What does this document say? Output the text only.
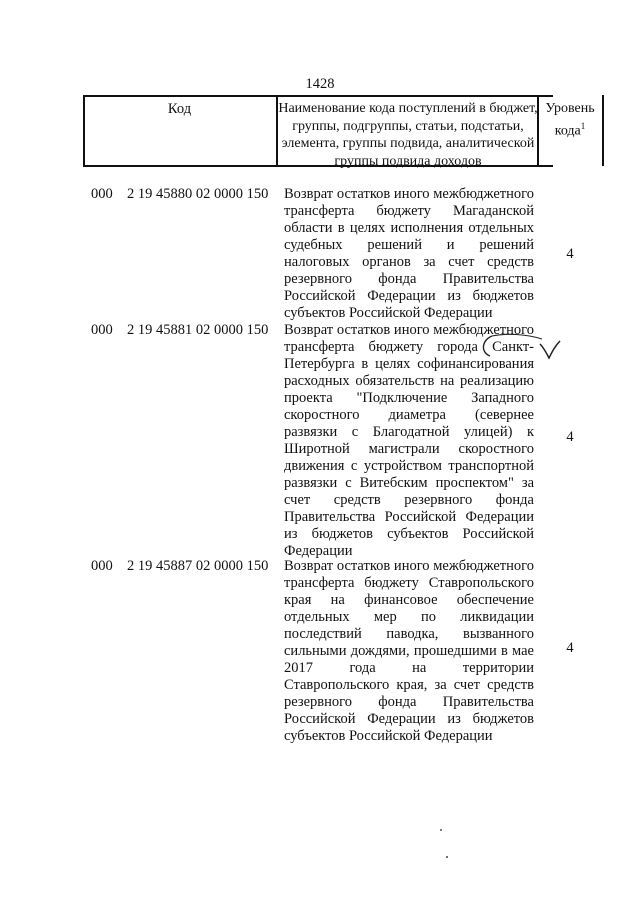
1428
Код	Наименование кода поступлений в бюджет, группы, подгруппы, статьи, подстатьи, элемента, группы подвида, аналитической группы подвида доходов
Уровень кода$^1$
000 2 19 45880 02 0000 150 Возврат остатков иного межбюджетного трансферта бюджету Магаданской области в целях исполнения отдельных судебных решений и решений налоговых органов за счет средств резервного фонда Правительства Российской Федерации из бюджетов субъектов Российской Федерации
4
000 2 19 45881 02 0000 150 Возврат остатков иного межбюджетного трансферта бюджету города Санкт-Петербурга в целях софинансирования расходных обязательств на реализацию проекта "Подключение Западного скоростного диаметра (севернее развязки с Благодатной улицей) к Широтной магистрали скоростного движения с устройством транспортной развязки с Витебским проспектом" за счет средств резервного фонда Правительства Российской Федерации из бюджетов субъектов Российской Федерации
4
000 2 19 45887 02 0000 150 Возврат остатков иного межбюджетного трансферта бюджету Ставропольского края на финансовое обеспечение отдельных мер по ликвидации последствий паводка, вызванного сильными дождями, прошедшими в мае 2017 года на территории Ставропольского края, за счет средств резервного фонда Правительства Российской Федерации из бюджетов субъектов Российской Федерации
4
